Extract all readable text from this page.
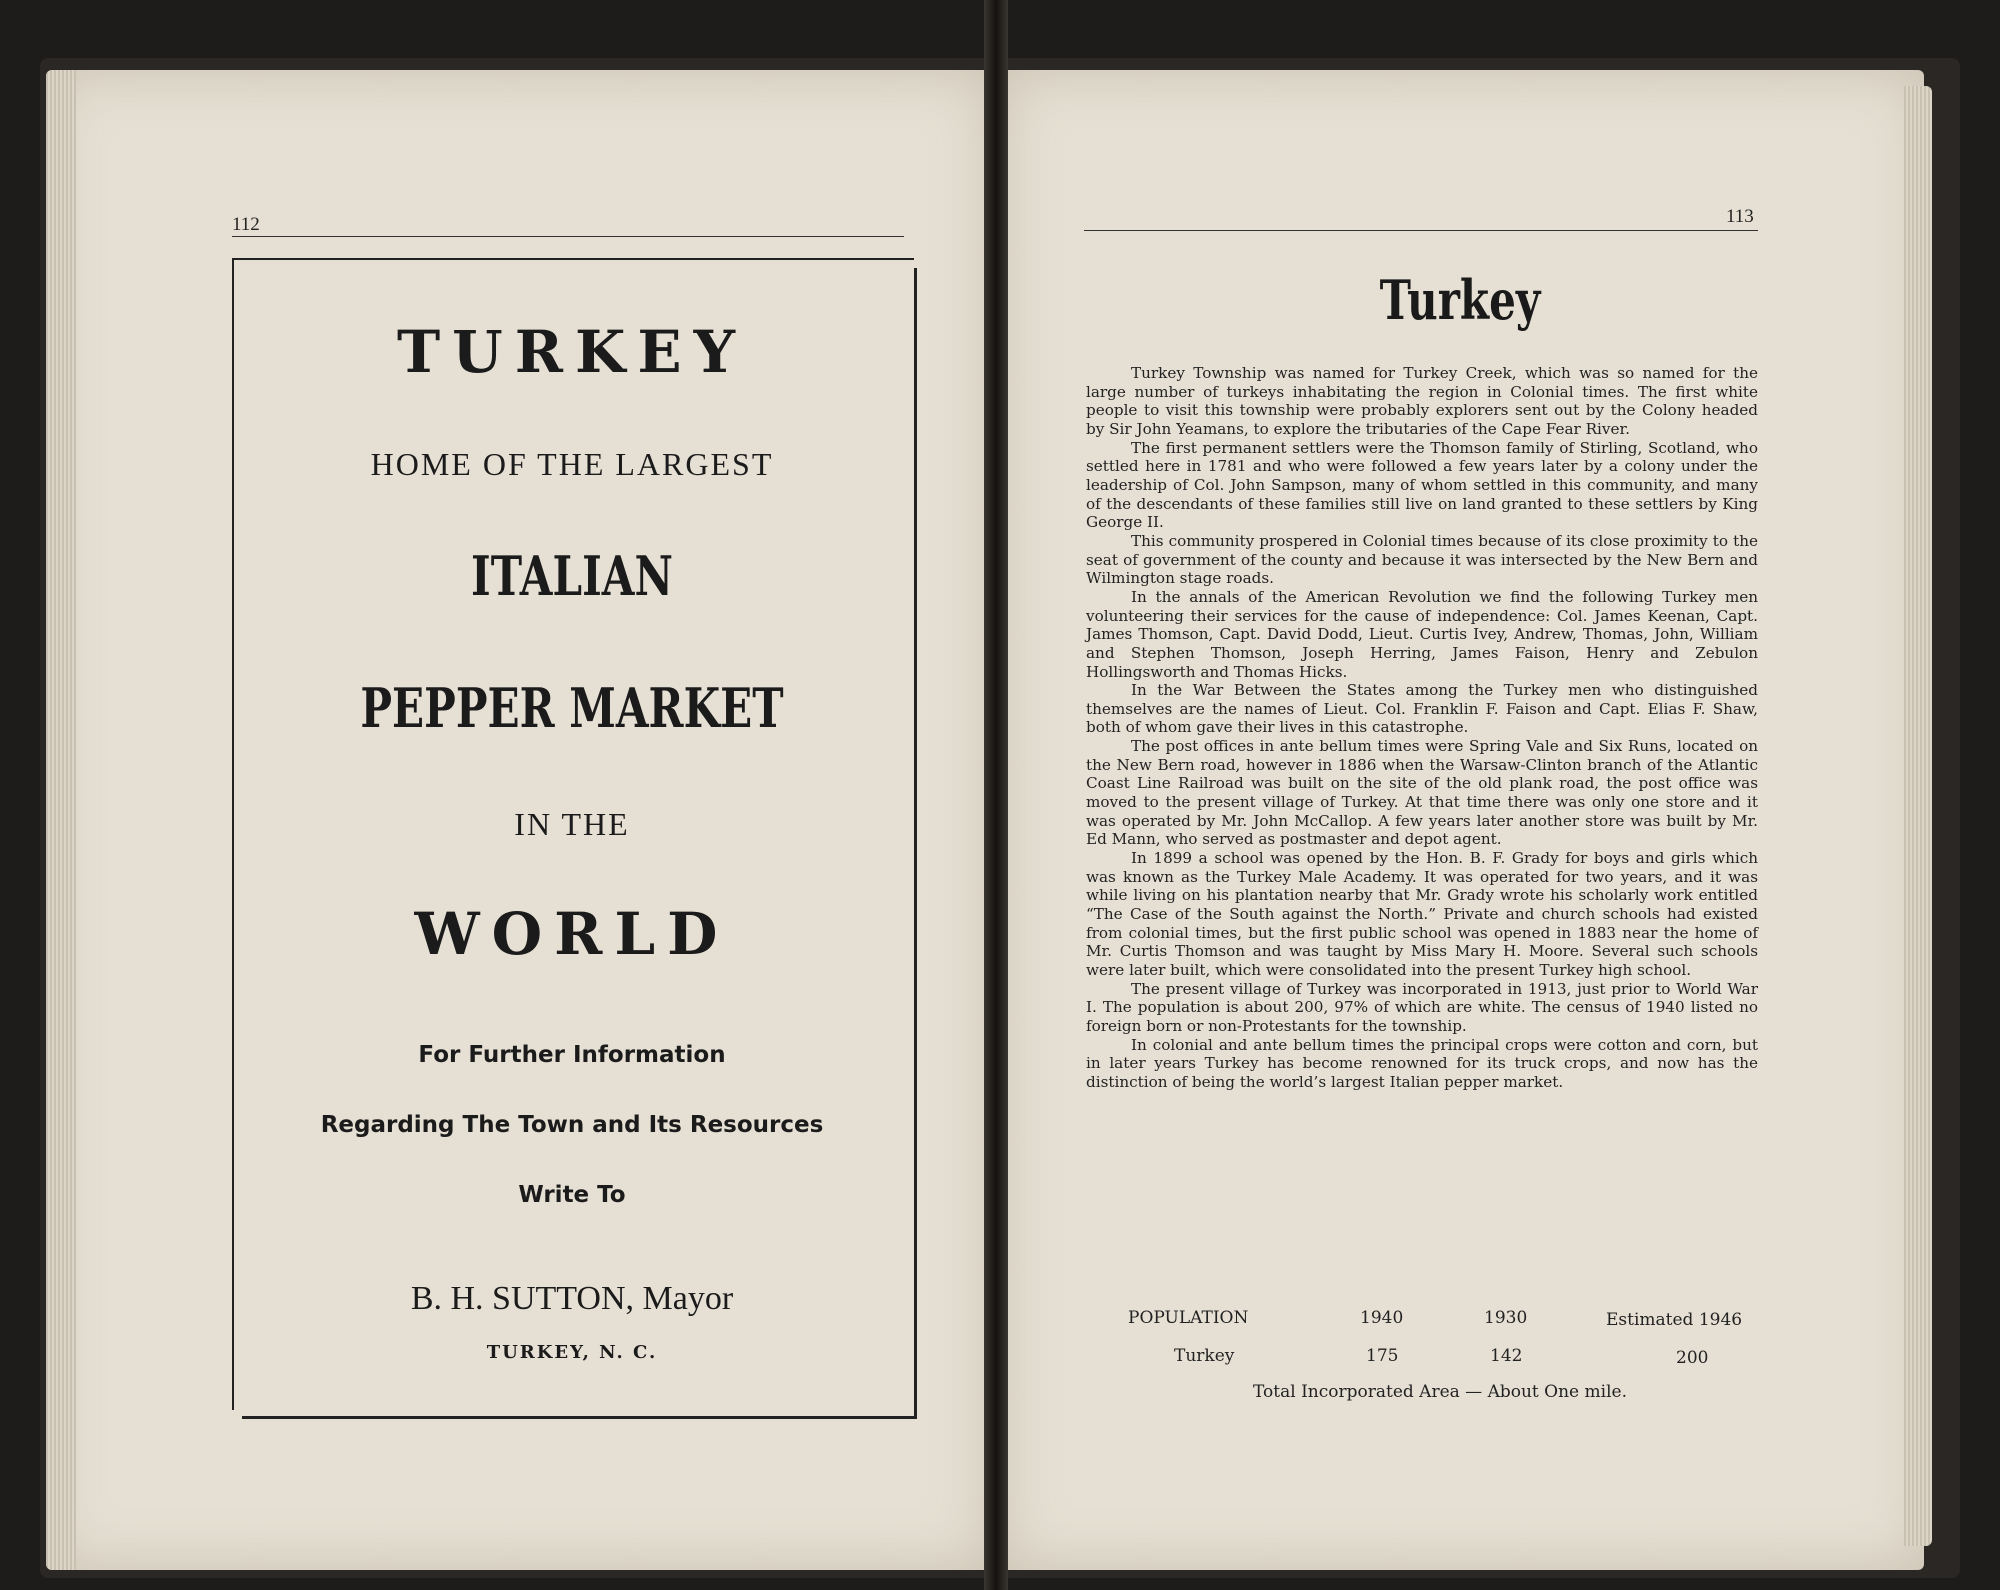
112
TURKEY
HOME OF THE LARGEST
ITALIAN
PEPPER MARKET
IN THE
WORLD
For Further Information
Regarding The Town and Its Resources
Write To
B. H. SUTTON, Mayor
TURKEY, N. C.
113
Turkey

Turkey Township was named for Turkey Creek, which was so named for the large number of turkeys inhabitating the region in Colonial times. The first white people to visit this township were probably explorers sent out by the Colony headed by Sir John Yeamans, to explore the tributaries of the Cape Fear River.

The first permanent settlers were the Thomson family of Stirling, Scotland, who settled here in 1781 and who were followed a few years later by a colony under the leadership of Col. John Sampson, many of whom settled in this community, and many of the descendants of these families still live on land granted to these settlers by King George II.

This community prospered in Colonial times because of its close proximity to the seat of government of the county and because it was intersected by the New Bern and Wilmington stage roads.

In the annals of the American Revolution we find the following Turkey men volunteering their services for the cause of independence: Col. James Keenan, Capt. James Thomson, Capt. David Dodd, Lieut. Curtis Ivey, Andrew, Thomas, John, William and Stephen Thomson, Joseph Herring, James Faison, Henry and Zebulon Hollingsworth and Thomas Hicks.

In the War Between the States among the Turkey men who distinguished themselves are the names of Lieut. Col. Franklin F. Faison and Capt. Elias F. Shaw, both of whom gave their lives in this catastrophe.

The post offices in ante bellum times were Spring Vale and Six Runs, located on the New Bern road, however in 1886 when the Warsaw-Clinton branch of the Atlantic Coast Line Railroad was built on the site of the old plank road, the post office was moved to the present village of Turkey. At that time there was only one store and it was operated by Mr. John McCallop. A few years later another store was built by Mr. Ed Mann, who served as postmaster and depot agent.

In 1899 a school was opened by the Hon. B. F. Grady for boys and girls which was known as the Turkey Male Academy. It was operated for two years, and it was while living on his plantation nearby that Mr. Grady wrote his scholarly work entitled “The Case of the South against the North.” Private and church schools had existed from colonial times, but the first public school was opened in 1883 near the home of Mr. Curtis Thomson and was taught by Miss Mary H. Moore. Several such schools were later built, which were consolidated into the present Turkey high school.

The present village of Turkey was incorporated in 1913, just prior to World War I. The population is about 200, 97% of which are white. The census of 1940 listed no foreign born or non-Protestants for the township.

In colonial and ante bellum times the principal crops were cotton and corn, but in later years Turkey has become renowned for its truck crops, and now has the distinction of being the world’s largest Italian pepper market.

POPULATION	1940	1930	Estimated 1946
Turkey	175	142	200
Total Incorporated Area — About One mile.
